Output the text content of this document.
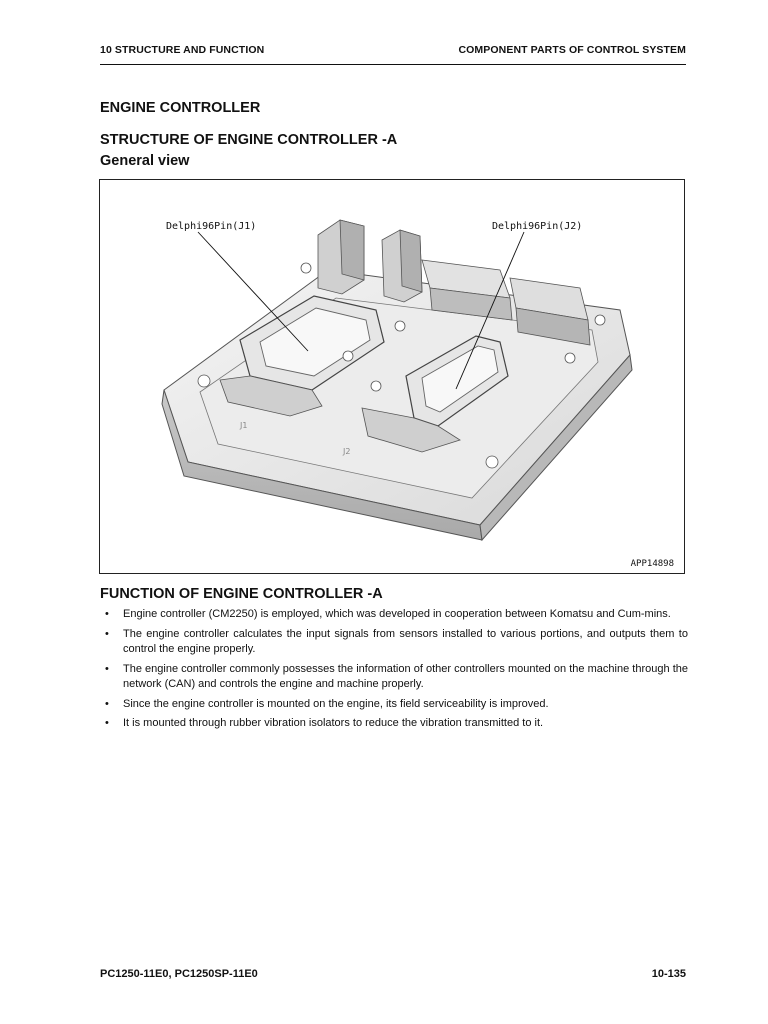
10 STRUCTURE AND FUNCTION	COMPONENT PARTS OF CONTROL SYSTEM
ENGINE CONTROLLER
STRUCTURE OF ENGINE CONTROLLER -A
General view
J1
J2
Delphi96Pin(J1)	Delphi96Pin(J2)
APP14898
FUNCTION OF ENGINE CONTROLLER -A
• Engine controller (CM2250) is employed, which was developed in cooperation between Komatsu and Cum-mins.
• The engine controller calculates the input signals from sensors installed to various portions, and outputs them to control the engine properly.
• The engine controller commonly possesses the information of other controllers mounted on the machine through the network (CAN) and controls the engine and machine properly.
• Since the engine controller is mounted on the engine, its field serviceability is improved.
• It is mounted through rubber vibration isolators to reduce the vibration transmitted to it.
PC1250-11E0, PC1250SP-11E0	10-135
